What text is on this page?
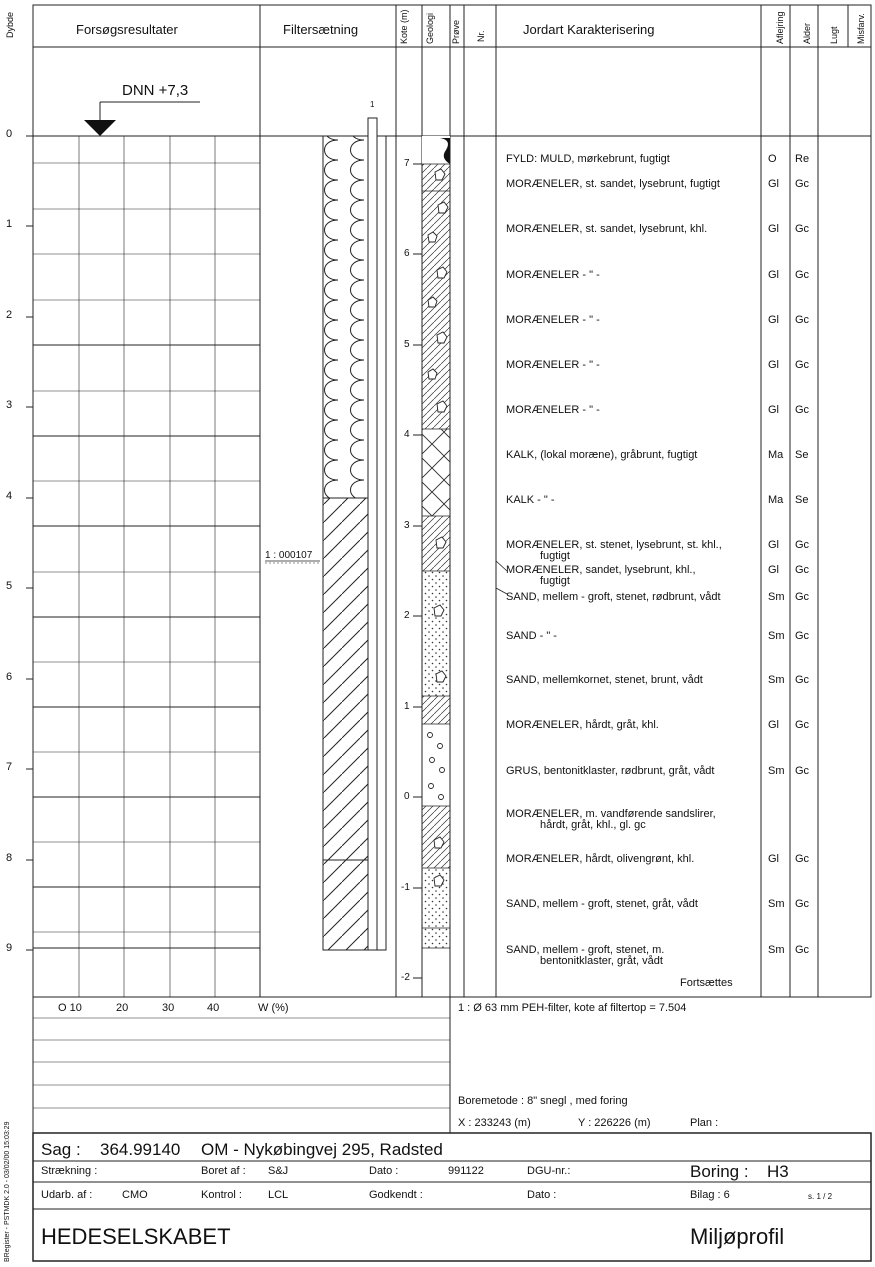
Dybde	Forsøgsresultater	Filtersætning	Kote (m) Geologi Prøve Nr.	Jordart Karakterisering	Aflejring Alder Lugt Misfarv.
DNN +7,3
1
1 : 000107
0
1
2
3
4
5
6
7
8
9
7
6
5
4
3
2
1
0
-1
-2
FYLD: MULD, mørkebrunt, fugtigt	O Re
MORÆNELER, st. sandet, lysebrunt, fugtigt	Gl Gc
MORÆNELER, st. sandet, lysebrunt, khl.	Gl Gc
MORÆNELER - " -	Gl Gc
MORÆNELER - " -	Gl Gc
MORÆNELER - " -	Gl Gc
MORÆNELER - " -	Gl Gc
KALK, (lokal moræne), gråbrunt, fugtigt	Ma Se
KALK - " -	Ma Se
MORÆNELER, st. stenet, lysebrunt, st. khl.,
fugtigt
Gl Gc
MORÆNELER, sandet, lysebrunt, khl.,
fugtigt
Gl Gc
SAND, mellem - groft, stenet, rødbrunt, vådt	Sm Gc
SAND - " -	Sm Gc
SAND, mellemkornet, stenet, brunt, vådt	Sm Gc
MORÆNELER, hårdt, gråt, khl.	Gl Gc
GRUS, bentonitklaster, rødbrunt, gråt, vådt	Sm Gc
MORÆNELER, m. vandførende sandslirer,
hårdt, gråt, khl., gl. gc
MORÆNELER, hårdt, olivengrønt, khl.	Gl Gc
SAND, mellem - groft, stenet, gråt, vådt	Sm Gc
SAND, mellem - groft, stenet, m.
bentonitklaster, gråt, vådt
Sm Gc
Fortsættes
O 10	20	30	40	W (%)	1 : Ø 63 mm PEH-filter, kote af filtertop = 7.504
Boremetode : 8" snegl , med foring
X : 233243 (m)	Y : 226226 (m)	Plan :
BRegister - PSTMDK 2.0 - 03/02/00 15:03:29 Sag : 364.99140 OM - Nykøbingvej 295, Radsted
Strækning :	Boret af : S&J	Dato :	991122	DGU-nr.:	Boring : H3
Udarb. af :	CMO	Kontrol : LCL	Godkendt :	Dato :	Bilag : 6	s. 1 / 2
HEDESELSKABET	Miljøprofil
